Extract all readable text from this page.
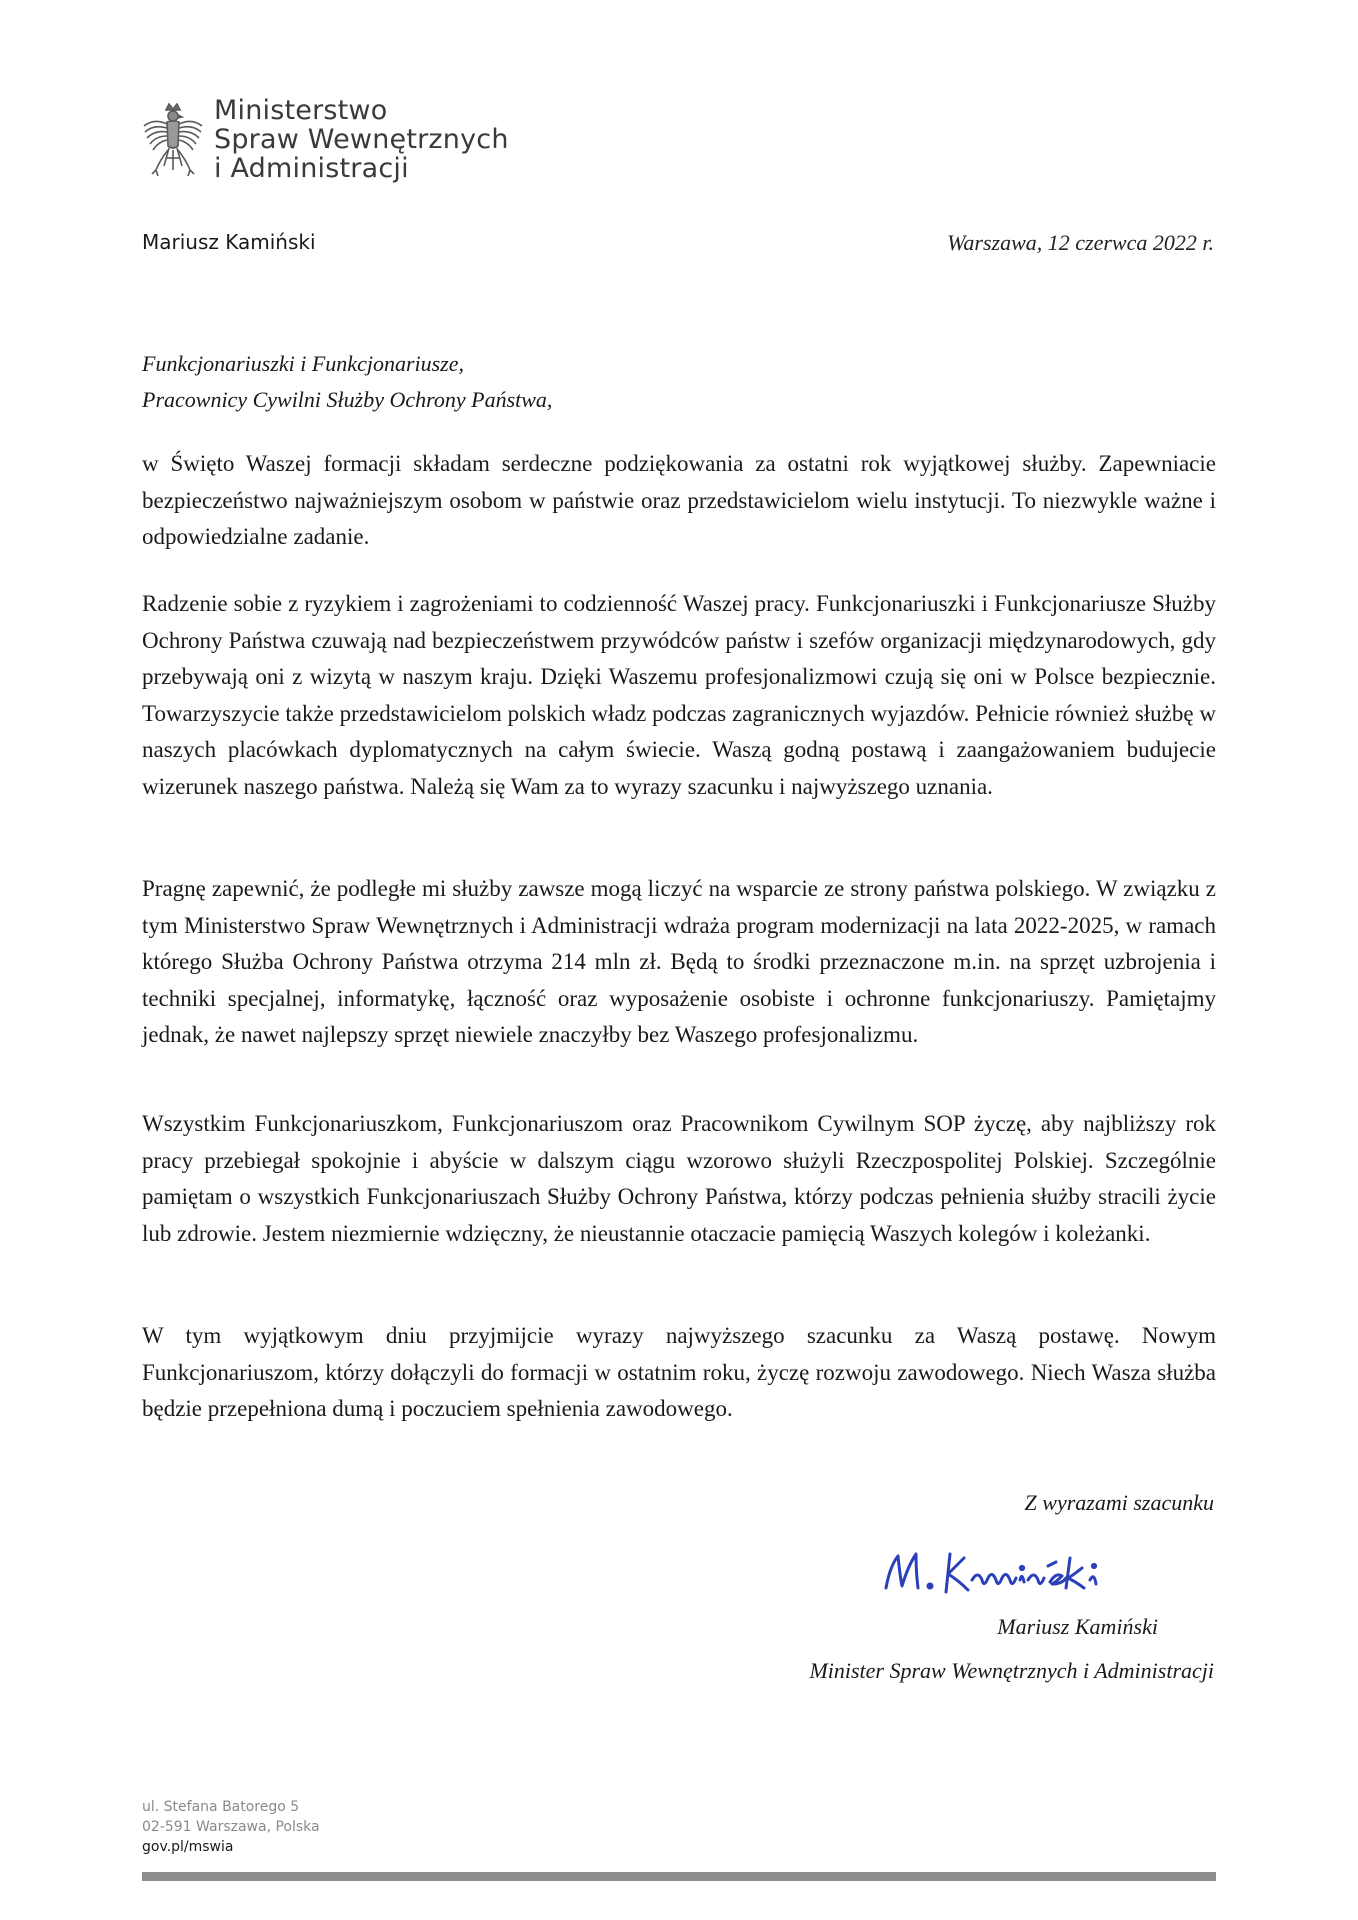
Ministerstwo
Spraw Wewnętrznych
i Administracji
Mariusz Kamiński	Warszawa, 12 czerwca 2022 r.
Funkcjonariuszki i Funkcjonariusze,
Pracownicy Cywilni Służby Ochrony Państwa,
w Święto Waszej formacji składam serdeczne podziękowania za ostatni rok wyjątkowej służby. Zapewniacie bezpieczeństwo najważniejszym osobom w państwie oraz przedstawicielom wielu instytucji. To niezwykle ważne i odpowiedzialne zadanie.
Radzenie sobie z ryzykiem i zagrożeniami to codzienność Waszej pracy. Funkcjonariuszki i Funkcjonariusze Służby Ochrony Państwa czuwają nad bezpieczeństwem przywódców państw i szefów organizacji międzynarodowych, gdy przebywają oni z wizytą w naszym kraju. Dzięki Waszemu profesjonalizmowi czują się oni w Polsce bezpiecznie. Towarzyszycie także przedstawicielom polskich władz podczas zagranicznych wyjazdów. Pełnicie również służbę w naszych placówkach dyplomatycznych na całym świecie. Waszą godną postawą i zaangażowaniem budujecie wizerunek naszego państwa. Należą się Wam za to wyrazy szacunku i najwyższego uznania.
Pragnę zapewnić, że podległe mi służby zawsze mogą liczyć na wsparcie ze strony państwa polskiego. W związku z tym Ministerstwo Spraw Wewnętrznych i Administracji wdraża program modernizacji na lata 2022-2025, w ramach którego Służba Ochrony Państwa otrzyma 214 mln zł. Będą to środki przeznaczone m.in. na sprzęt uzbrojenia i techniki specjalnej, informatykę, łączność oraz wyposażenie osobiste i ochronne funkcjonariuszy. Pamiętajmy jednak, że nawet najlepszy sprzęt niewiele znaczyłby bez Waszego profesjonalizmu.
Wszystkim Funkcjonariuszkom, Funkcjonariuszom oraz Pracownikom Cywilnym SOP życzę, aby najbliższy rok pracy przebiegał spokojnie i abyście w dalszym ciągu wzorowo służyli Rzeczpospolitej Polskiej. Szczególnie pamiętam o wszystkich Funkcjonariuszach Służby Ochrony Państwa, którzy podczas pełnienia służby stracili życie lub zdrowie. Jestem niezmiernie wdzięczny, że nieustannie otaczacie pamięcią Waszych kolegów i koleżanki.
W tym wyjątkowym dniu przyjmijcie wyrazy najwyższego szacunku za Waszą postawę. Nowym Funkcjonariuszom, którzy dołączyli do formacji w ostatnim roku, życzę rozwoju zawodowego. Niech Wasza służba będzie przepełniona dumą i poczuciem spełnienia zawodowego.
Z wyrazami szacunku
Mariusz Kamiński
Minister Spraw Wewnętrznych i Administracji
ul. Stefana Batorego 5
02-591 Warszawa, Polska
gov.pl/mswia
